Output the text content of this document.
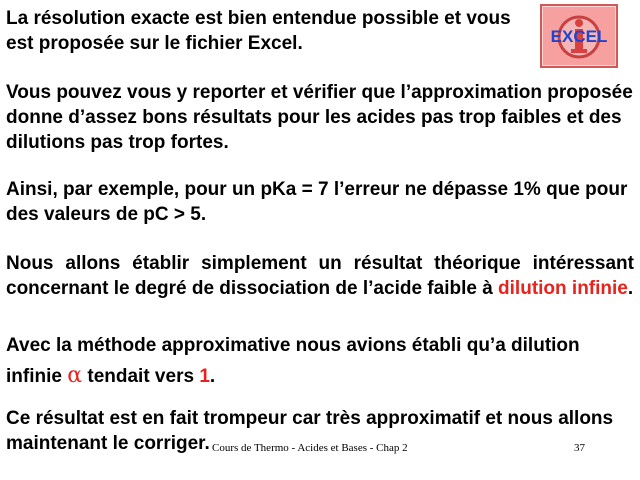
EXCEL

La résolution exacte est bien entendue possible et vous est proposée sur le fichier Excel.

Vous pouvez vous y reporter et vérifier que l’approximation proposée donne d’assez bons résultats pour les acides pas trop faibles et des dilutions pas trop fortes.

Ainsi, par exemple, pour un pKa = 7 l’erreur ne dépasse 1% que pour des valeurs de pC > 5.

Nous allons établir simplement un résultat théorique intéressant concernant le degré de dissociation de l’acide faible à dilution infinie.

Avec la méthode approximative nous avions établi qu’a dilution infinie α tendait vers 1.

Ce résultat est en fait trompeur car très approximatif et nous allons maintenant le corriger. Cours de Thermo - Acides et Bases - Chap 2	37
